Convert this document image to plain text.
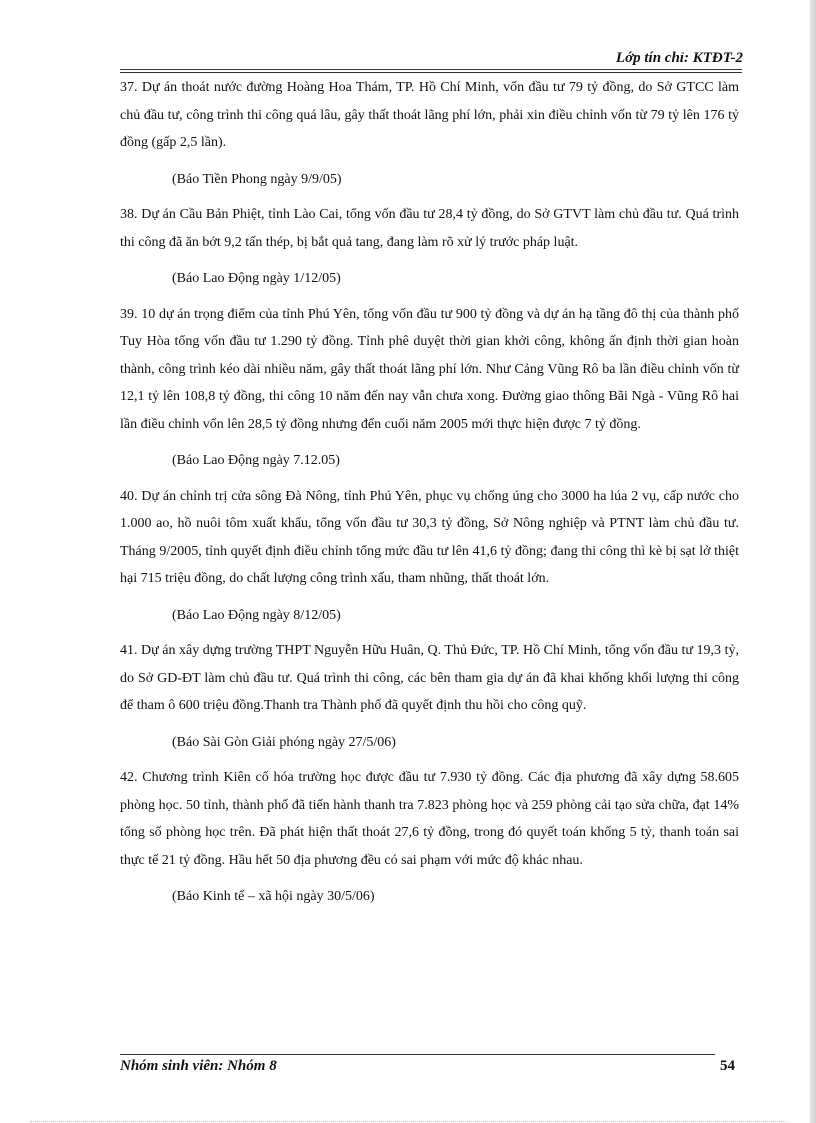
Lớp tín chỉ: KTĐT-2

37. Dự án thoát nước đường Hoàng Hoa Thám, TP. Hồ Chí Minh, vốn đầu tư 79 tỷ đồng, do Sở GTCC làm chủ đầu tư, công trình thi công quá lâu, gây thất thoát lãng phí lớn, phải xin điều chỉnh vốn từ 79 tỷ lên 176 tỷ đồng (gấp 2,5 lần).

(Báo Tiền Phong ngày 9/9/05)

38. Dự án Cầu Bản Phiệt, tỉnh Lào Cai, tổng vốn đầu tư 28,4 tỷ đồng, do Sở GTVT làm chủ đầu tư. Quá trình thi công đã ăn bớt 9,2 tấn thép, bị bắt quả tang, đang làm rõ xử lý trước pháp luật.

(Báo Lao Động ngày 1/12/05)

39. 10 dự án trọng điểm của tỉnh Phú Yên, tổng vốn đầu tư 900 tỷ đồng và dự án hạ tầng đô thị của thành phố Tuy Hòa tổng vốn đầu tư 1.290 tỷ đồng. Tỉnh phê duyệt thời gian khởi công, không ấn định thời gian hoàn thành, công trình kéo dài nhiều năm, gây thất thoát lãng phí lớn. Như Cảng Vũng Rô ba lần điều chỉnh vốn từ 12,1 tỷ lên 108,8 tỷ đồng, thi công 10 năm đến nay vẫn chưa xong. Đường giao thông Bãi Ngà - Vũng Rô hai lần điều chỉnh vốn lên 28,5 tỷ đồng nhưng đến cuối năm 2005 mới thực hiện được 7 tỷ đồng.

(Báo Lao Động ngày 7.12.05)

40. Dự án chỉnh trị cửa sông Đà Nông, tỉnh Phú Yên, phục vụ chống úng cho 3000 ha lúa 2 vụ, cấp nước cho 1.000 ao, hồ nuôi tôm xuất khẩu, tổng vốn đầu tư 30,3 tỷ đồng, Sở Nông nghiệp và PTNT làm chủ đầu tư. Tháng 9/2005, tỉnh quyết định điều chỉnh tổng mức đầu tư lên 41,6 tỷ đồng; đang thi công thì kè bị sạt lở thiệt hại 715 triệu đồng, do chất lượng công trình xấu, tham nhũng, thất thoát lớn.

(Báo Lao Động ngày 8/12/05)

41. Dự án xây dựng trường THPT Nguyễn Hữu Huân, Q. Thủ Đức, TP. Hồ Chí Minh, tổng vốn đầu tư 19,3 tỷ, do Sở GD-ĐT làm chủ đầu tư. Quá trình thi công, các bên tham gia dự án đã khai khống khối lượng thi công để tham ô 600 triệu đồng.Thanh tra Thành phố đã quyết định thu hồi cho công quỹ.

(Báo Sài Gòn Giải phóng ngày 27/5/06)

42. Chương trình Kiên cố hóa trường học được đầu tư 7.930 tỷ đồng. Các địa phương đã xây dựng 58.605 phòng học. 50 tỉnh, thành phố đã tiến hành thanh tra 7.823 phòng học và 259 phòng cải tạo sửa chữa, đạt 14% tổng số phòng học trên. Đã phát hiện thất thoát 27,6 tỷ đồng, trong đó quyết toán khống 5 tỷ, thanh toán sai thực tế 21 tỷ đồng. Hầu hết 50 địa phương đều có sai phạm với mức độ khác nhau.

(Báo Kinh tế – xã hội ngày 30/5/06)

Nhóm sinh viên: Nhóm 8	54
